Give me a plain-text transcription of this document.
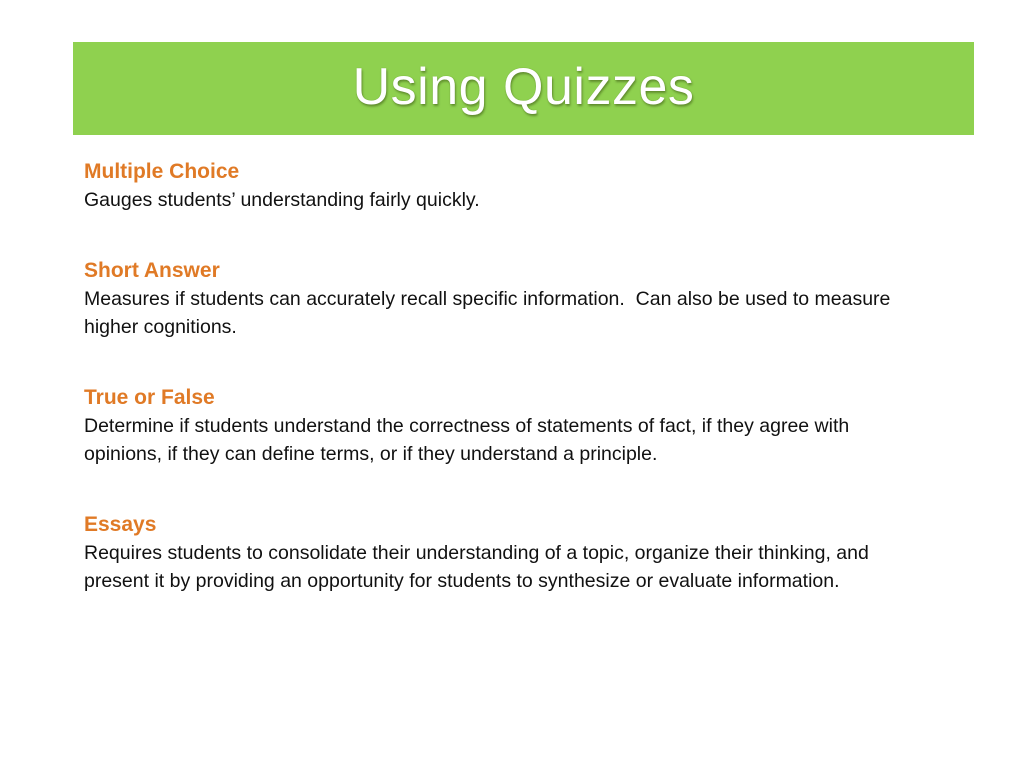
Using Quizzes

Multiple Choice

Gauges students’ understanding fairly quickly.

Short Answer

Measures if students can accurately recall specific information.  Can also be used to measure higher cognitions.

True or False

Determine if students understand the correctness of statements of fact, if they agree with opinions, if they can define terms, or if they understand a principle.

Essays

Requires students to consolidate their understanding of a topic, organize their thinking, and present it by providing an opportunity for students to synthesize or evaluate information.
